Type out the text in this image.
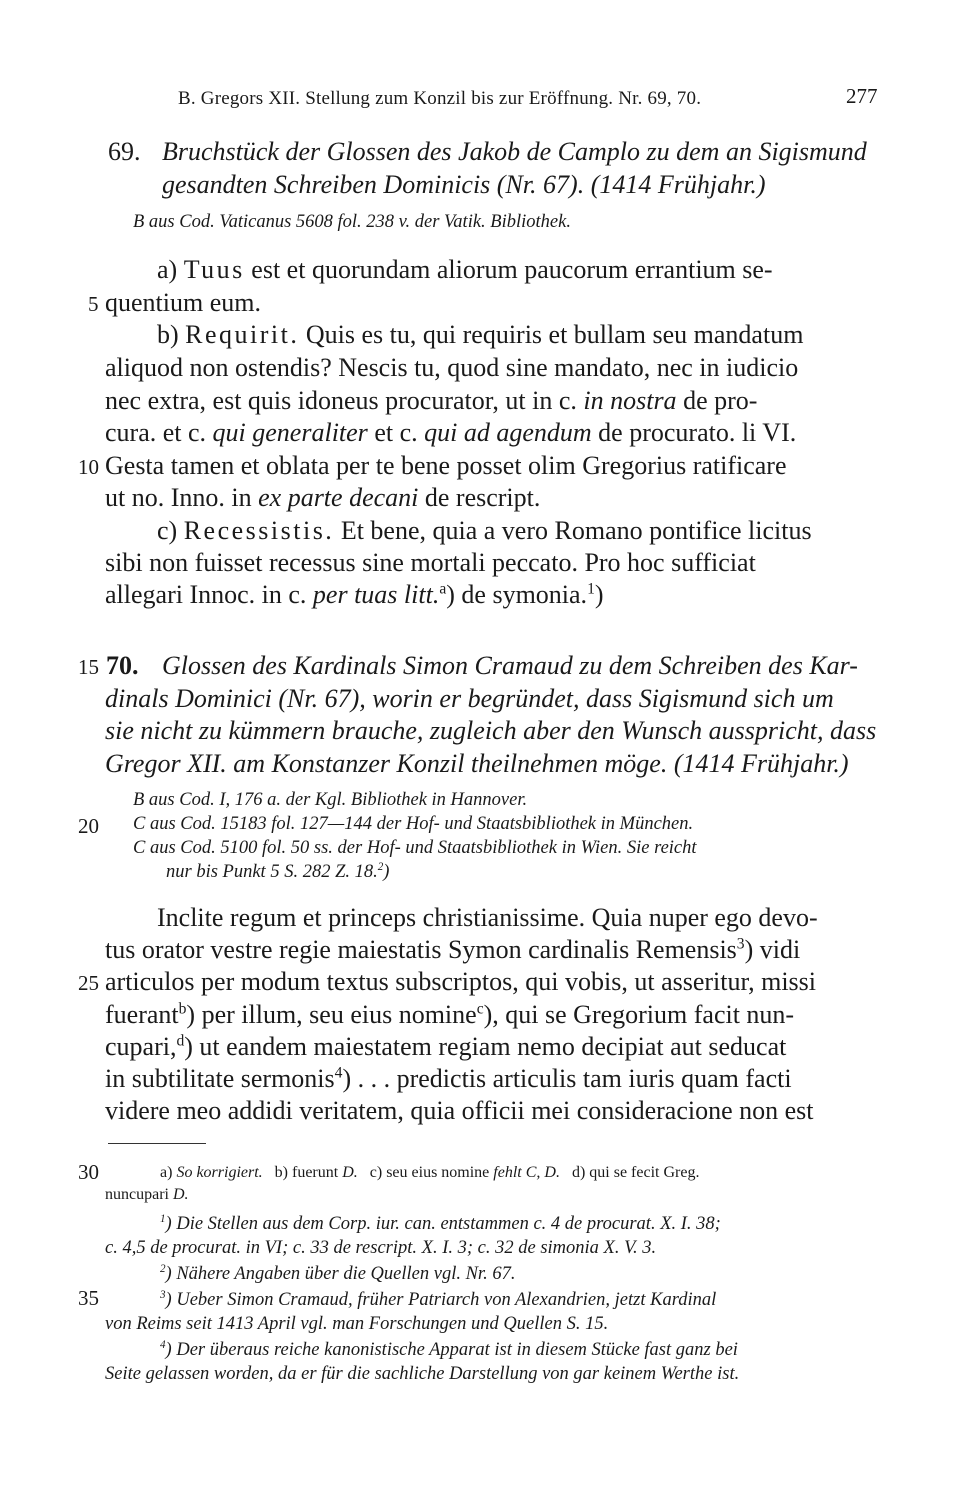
B. Gregors XII. Stellung zum Konzil bis zur Eröffnung. Nr. 69, 70.	277
69. Bruchstück der Glossen des Jakob de Camplo zu dem an Sigismund
gesandten Schreiben Dominicis (Nr. 67). (1414 Frühjahr.)
B aus Cod. Vaticanus 5608 fol. 238 v. der Vatik. Bibliothek.
a) Tuus est et quorundam aliorum paucorum errantium se-
5 quentium eum.
b) Requirit. Quis es tu, qui requiris et bullam seu mandatum
aliquod non ostendis? Nescis tu, quod sine mandato, nec in iudicio
nec extra, est quis idoneus procurator, ut in c. in nostra de pro-
cura. et c. qui generaliter et c. qui ad agendum de procurato. li VI.
10 Gesta tamen et oblata per te bene posset olim Gregorius ratificare
ut no. Inno. in ex parte decani de rescript.
c) Recessistis. Et bene, quia a vero Romano pontifice licitus
sibi non fuisset recessus sine mortali peccato. Pro hoc sufficiat
allegari Innoc. in c. per tuas litt.$^a$) de symonia.$^1$)
15 70. Glossen des Kardinals Simon Cramaud zu dem Schreiben des Kar-
dinals Dominici (Nr. 67), worin er begründet, dass Sigismund sich um
sie nicht zu kümmern brauche, zugleich aber den Wunsch ausspricht, dass
Gregor XII. am Konstanzer Konzil theilnehmen möge. (1414 Frühjahr.)
B aus Cod. I, 176 a. der Kgl. Bibliothek in Hannover.
20 C aus Cod. 15183 fol. 127—144 der Hof- und Staatsbibliothek in München.
C aus Cod. 5100 fol. 50 ss. der Hof- und Staatsbibliothek in Wien. Sie reicht
nur bis Punkt 5 S. 282 Z. 18.$^2$)
Inclite regum et princeps christianissime. Quia nuper ego devo-
tus orator vestre regie maiestatis Symon cardinalis Remensis$^3$) vidi
25 articulos per modum textus subscriptos, qui vobis, ut asseritur, missi
fuerant$^b$) per illum, seu eius nomine$^c$), qui se Gregorium facit nun-
cupari,$^d$) ut eandem maiestatem regiam nemo decipiat aut seducat
in subtilitate sermonis$^4$) . . . predictis articulis tam iuris quam facti
videre meo addidi veritatem, quia officii mei consideracione non est
30	a) So korrigiert. b) fuerunt D. c) seu eius nomine fehlt C, D. d) qui se fecit Greg.
nuncupari D.
$^1$) Die Stellen aus dem Corp. iur. can. entstammen c. 4 de procurat. X. I. 38;
c. 4,5 de procurat. in VI; c. 33 de rescript. X. I. 3; c. 32 de simonia X. V. 3.
$^2$) Nähere Angaben über die Quellen vgl. Nr. 67.
35	$^3$) Ueber Simon Cramaud, früher Patriarch von Alexandrien, jetzt Kardinal
von Reims seit 1413 April vgl. man Forschungen und Quellen S. 15.
$^4$) Der überaus reiche kanonistische Apparat ist in diesem Stücke fast ganz bei
Seite gelassen worden, da er für die sachliche Darstellung von gar keinem Werthe ist.
